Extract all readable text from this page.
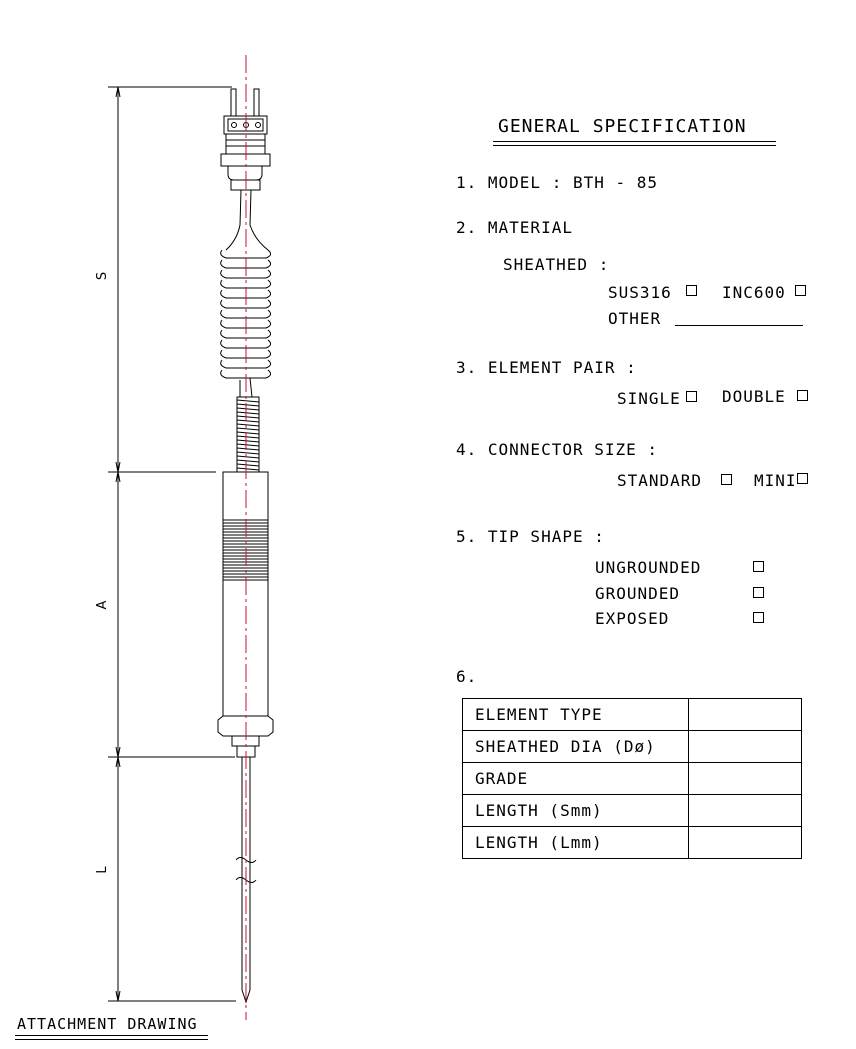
S
A
L
GENERAL SPECIFICATION
1. MODEL : BTH - 85
2. MATERIAL
SHEATHED :
SUS316	INC600
OTHER
3. ELEMENT PAIR :
SINGLE	DOUBLE
4. CONNECTOR SIZE :
STANDARD	MINI
5. TIP SHAPE :
UNGROUNDED
GROUNDED
EXPOSED
6.
ELEMENT TYPE	
SHEATHED DIA (Dø)	
GRADE	
LENGTH (Smm)	
LENGTH (Lmm)	
ATTACHMENT DRAWING
